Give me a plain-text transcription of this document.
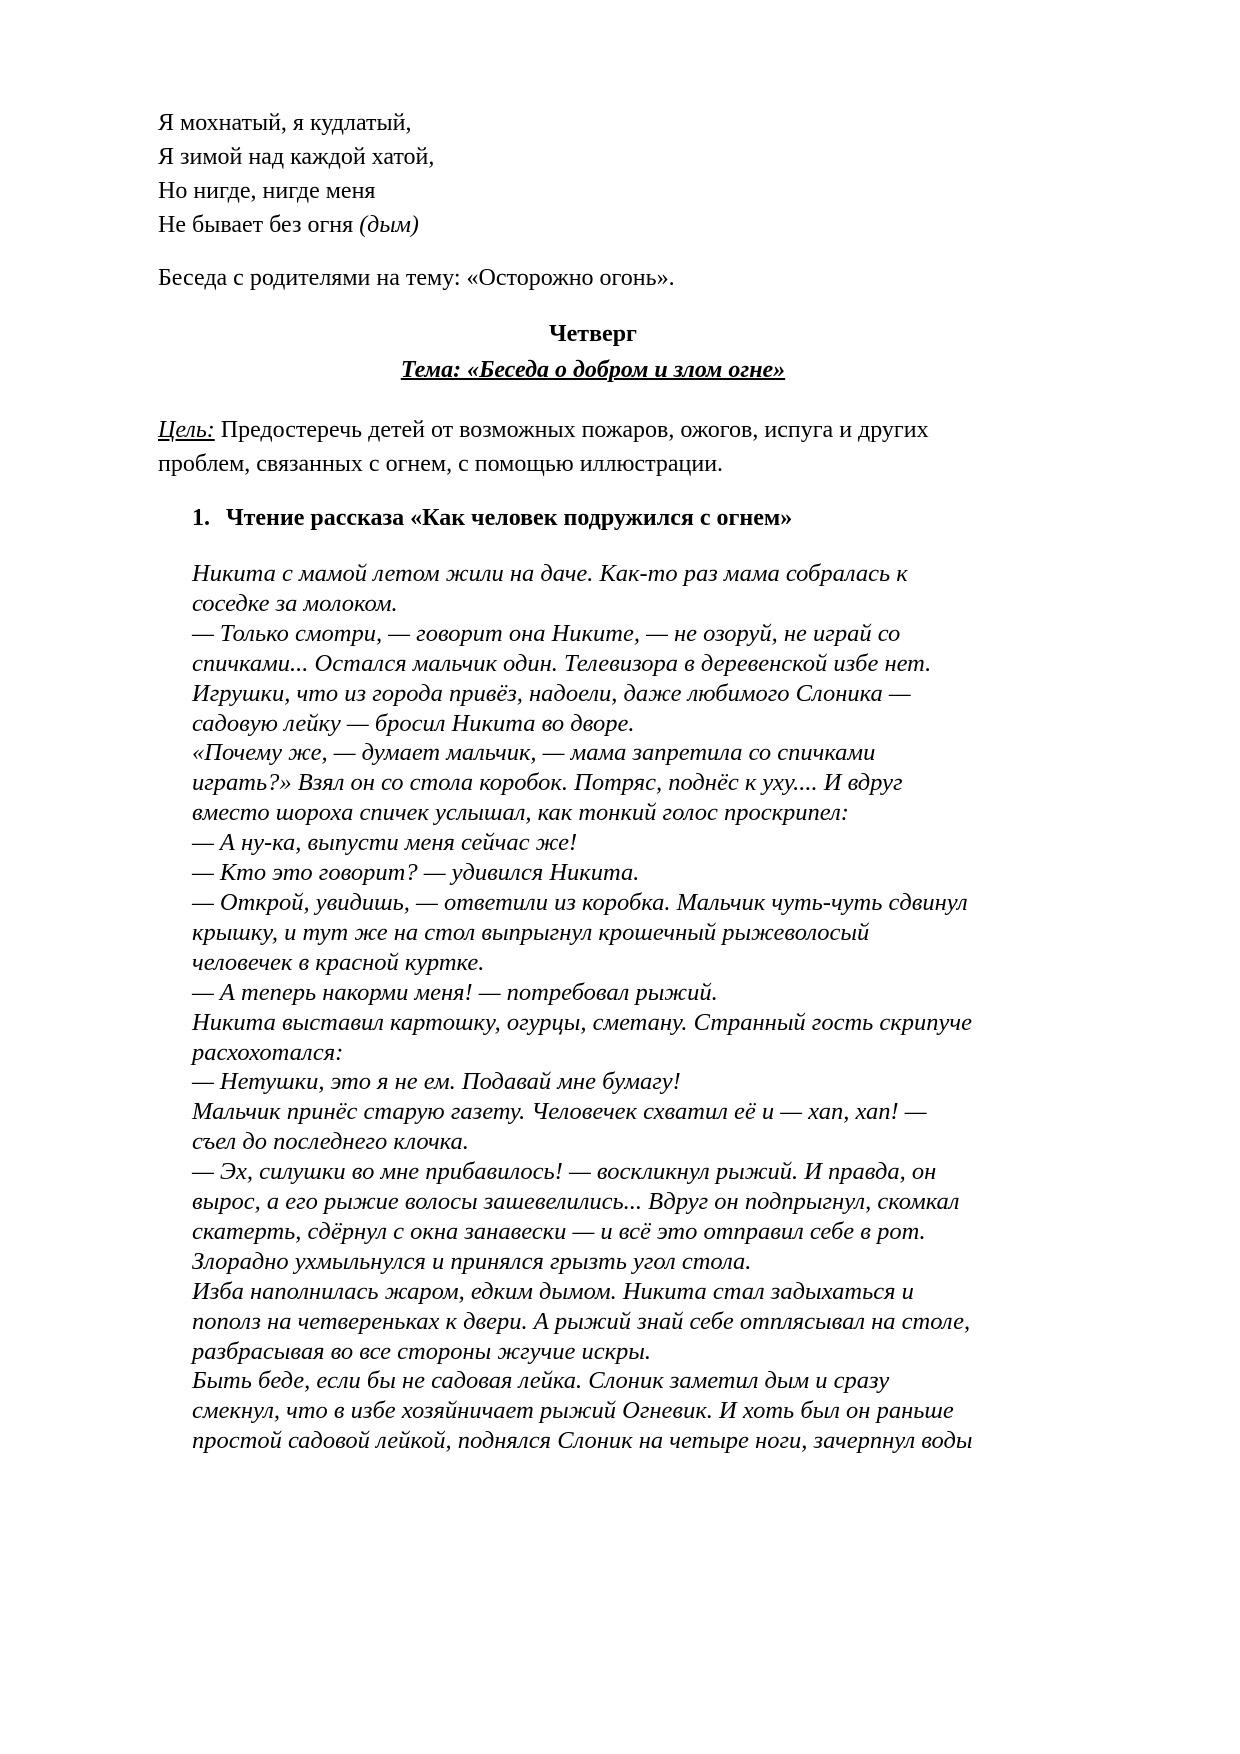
Я мохнатый, я кудлатый,
Я зимой над каждой хатой,
Но нигде, нигде меня
Не бывает без огня (дым)
Беседа с родителями на тему: «Осторожно огонь».
Четверг
Тема: «Беседа о добром и злом огне»
Цель: Предостеречь детей от возможных пожаров, ожогов, испуга и других
проблем, связанных с огнем, с помощью иллюстрации.
1. Чтение рассказа «Как человек подружился с огнем»
Никита с мамой летом жили на даче. Как-то раз мама собралась к
соседке за молоком.
— Только смотри, — говорит она Никите, — не озоруй, не играй со
спичками... Остался мальчик один. Телевизора в деревенской избе нет.
Игрушки, что из города привёз, надоели, даже любимого Слоника —
садовую лейку — бросил Никита во дворе.
«Почему же, — думает мальчик, — мама запретила со спичками
играть?» Взял он со стола коробок. Потряс, поднёс к уху.... И вдруг
вместо шороха спичек услышал, как тонкий голос проскрипел:
— А ну-ка, выпусти меня сейчас же!
— Кто это говорит? — удивился Никита.
— Открой, увидишь, — ответили из коробка. Мальчик чуть-чуть сдвинул
крышку, и тут же на стол выпрыгнул крошечный рыжеволосый
человечек в красной куртке.
— А теперь накорми меня! — потребовал рыжий.
Никита выставил картошку, огурцы, сметану. Странный гость скрипуче
расхохотался:
— Нетушки, это я не ем. Подавай мне бумагу!
Мальчик принёс старую газету. Человечек схватил её и — хап, хап! —
съел до последнего клочка.
— Эх, силушки во мне прибавилось! — воскликнул рыжий. И правда, он
вырос, а его рыжие волосы зашевелились... Вдруг он подпрыгнул, скомкал
скатерть, сдёрнул с окна занавески — и всё это отправил себе в рот.
Злорадно ухмыльнулся и принялся грызть угол стола.
Изба наполнилась жаром, едким дымом. Никита стал задыхаться и
пополз на четвереньках к двери. А рыжий знай себе отплясывал на столе,
разбрасывая во все стороны жгучие искры.
Быть беде, если бы не садовая лейка. Слоник заметил дым и сразу
смекнул, что в избе хозяйничает рыжий Огневик. И хоть был он раньше
простой садовой лейкой, поднялся Слоник на четыре ноги, зачерпнул воды
